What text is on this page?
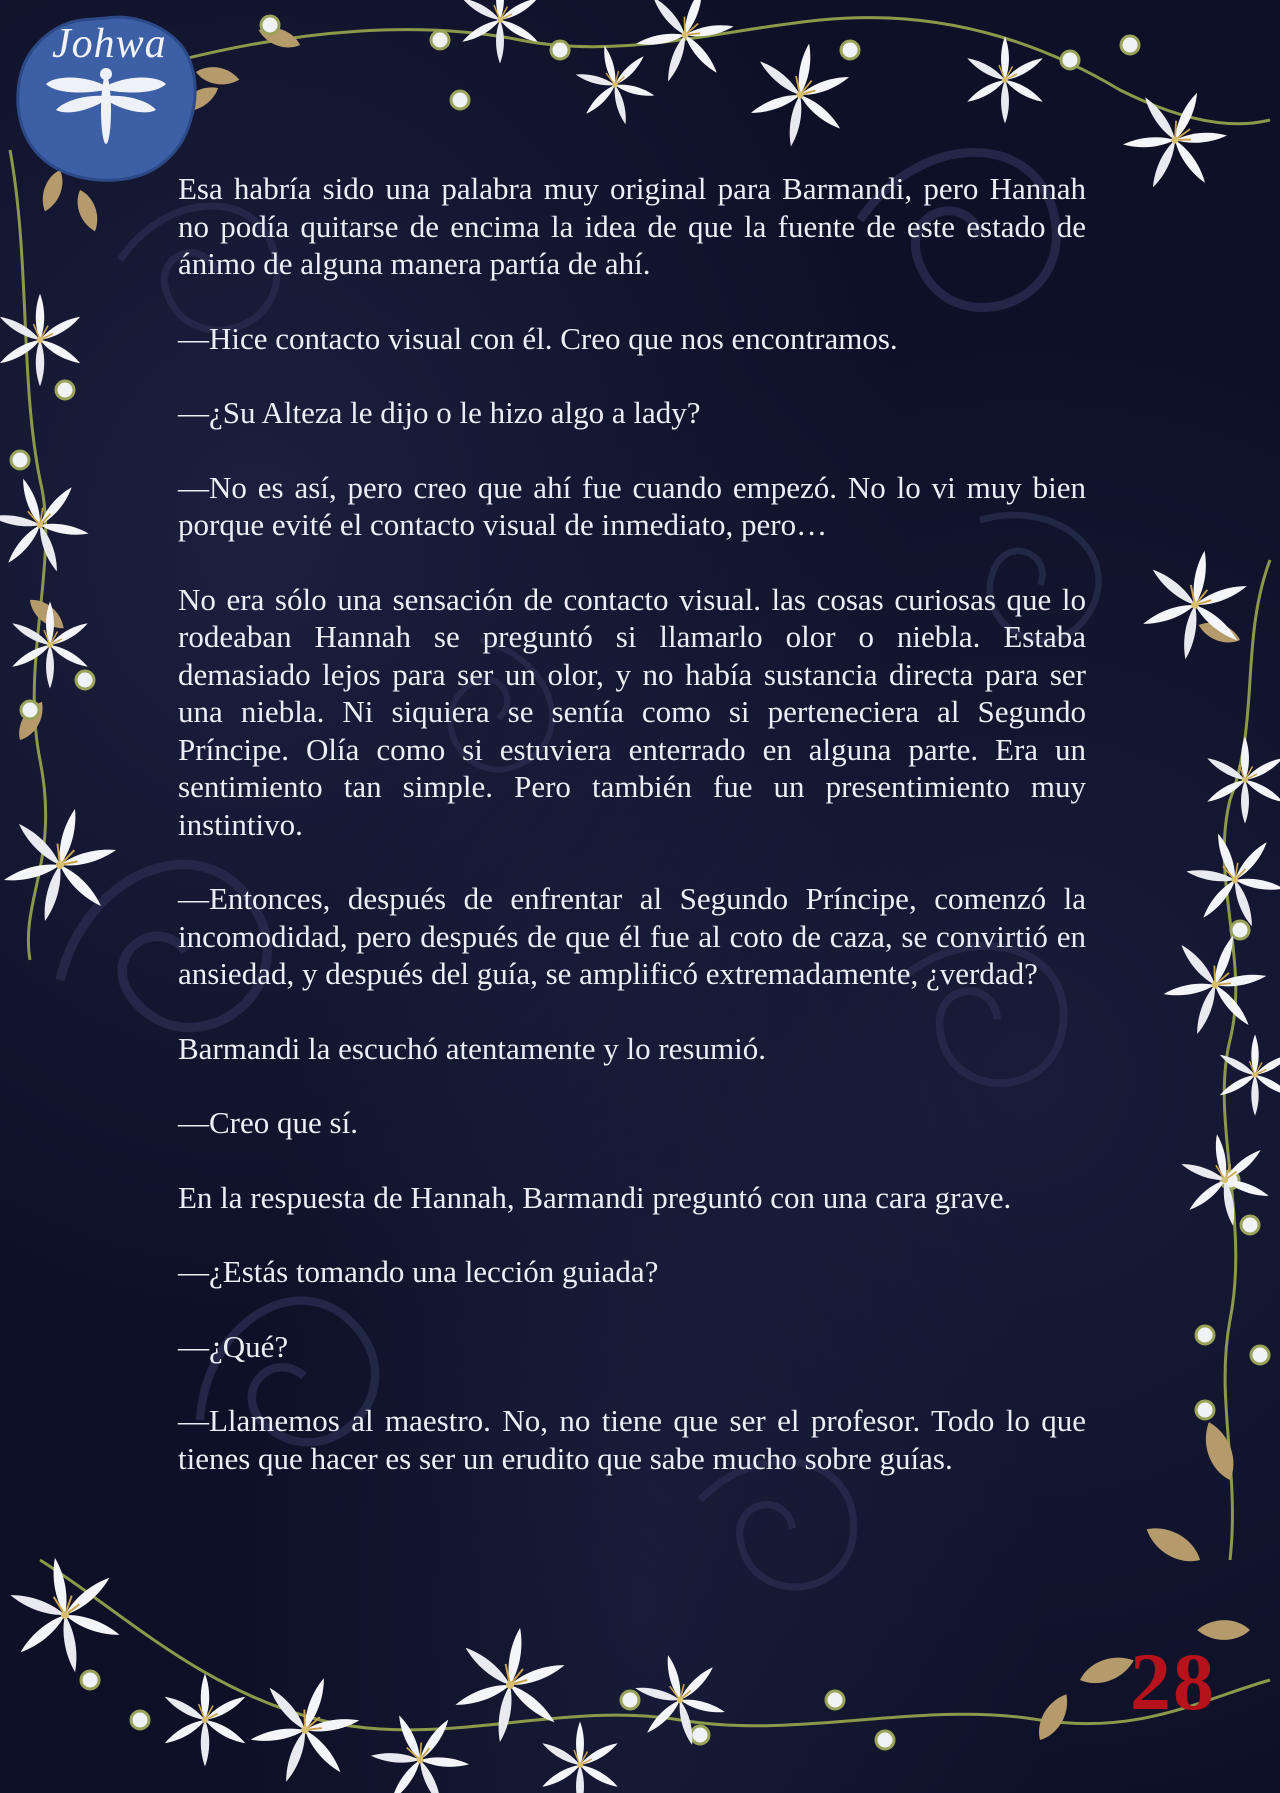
Johwa

Esa habría sido una palabra muy original para Barmandi, pero Hannah no podía quitarse de encima la idea de que la fuente de este estado de ánimo de alguna manera partía de ahí.

—Hice contacto visual con él. Creo que nos encontramos.

—¿Su Alteza le dijo o le hizo algo a lady?

—No es así, pero creo que ahí fue cuando empezó. No lo vi muy bien porque evité el contacto visual de inmediato, pero…

No era sólo una sensación de contacto visual. las cosas curiosas que lo rodeaban Hannah se preguntó si llamarlo olor o niebla. Estaba demasiado lejos para ser un olor, y no había sustancia directa para ser una niebla. Ni siquiera se sentía como si perteneciera al Segundo Príncipe. Olía como si estuviera enterrado en alguna parte. Era un sentimiento tan simple. Pero también fue un presentimiento muy instintivo.

—Entonces, después de enfrentar al Segundo Príncipe, comenzó la incomodidad, pero después de que él fue al coto de caza, se convirtió en ansiedad, y después del guía, se amplificó extremadamente, ¿verdad?

Barmandi la escuchó atentamente y lo resumió.

—Creo que sí.

En la respuesta de Hannah, Barmandi preguntó con una cara grave.

—¿Estás tomando una lección guiada?

—¿Qué?

—Llamemos al maestro. No, no tiene que ser el profesor. Todo lo que tienes que hacer es ser un erudito que sabe mucho sobre guías.

28
